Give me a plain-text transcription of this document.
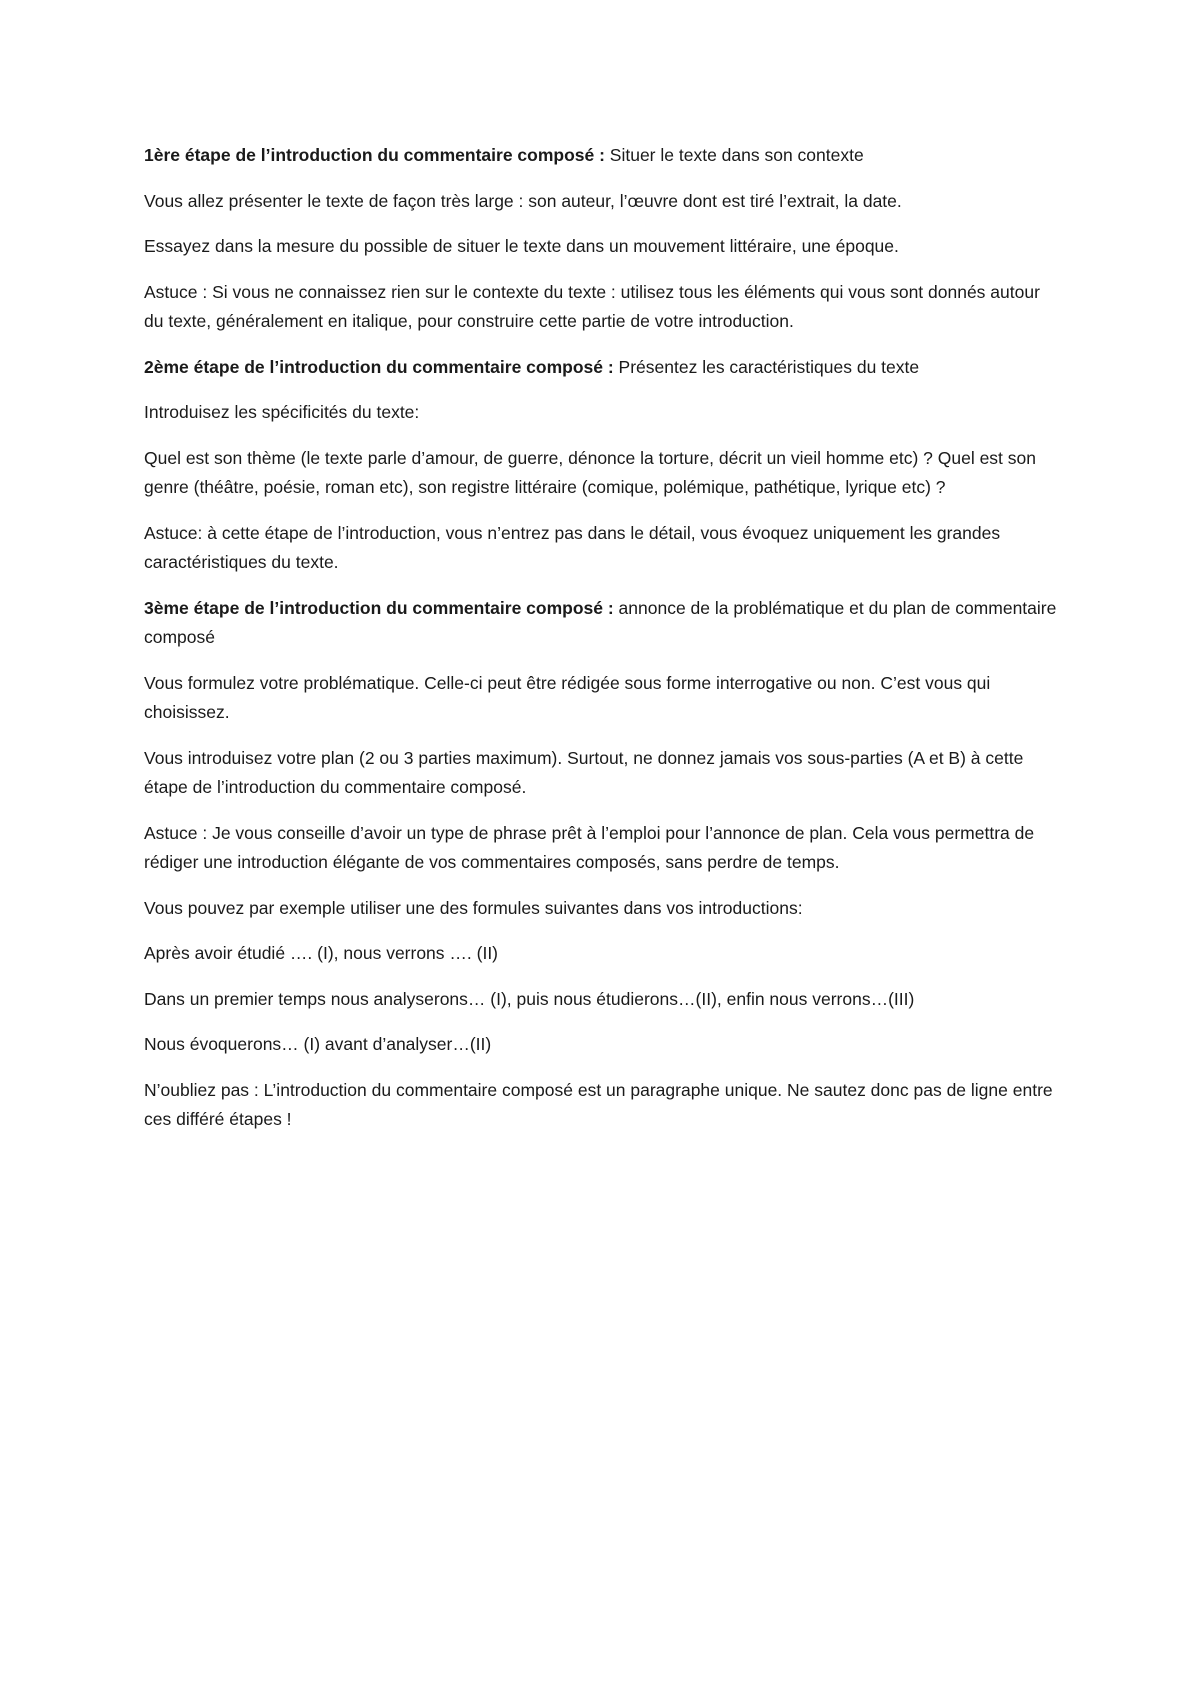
1ère étape de l’introduction du commentaire composé : Situer le texte dans son contexte

Vous allez présenter le texte de façon très large : son auteur, l’œuvre dont est tiré l’extrait, la date.

Essayez dans la mesure du possible de situer le texte dans un mouvement littéraire, une époque.

Astuce : Si vous ne connaissez rien sur le contexte du texte : utilisez tous les éléments qui vous sont donnés autour du texte, généralement en italique, pour construire cette partie de votre introduction.

2ème étape de l’introduction du commentaire composé : Présentez les caractéristiques du texte

Introduisez les spécificités du texte:

Quel est son thème (le texte parle d’amour, de guerre, dénonce la torture, décrit un vieil homme etc) ? Quel est son genre (théâtre, poésie, roman etc), son registre littéraire (comique, polémique, pathétique, lyrique etc) ?

Astuce: à cette étape de l’introduction, vous n’entrez pas dans le détail, vous évoquez uniquement les grandes caractéristiques du texte.

3ème étape de l’introduction du commentaire composé : annonce de la problématique et du plan de commentaire composé

Vous formulez votre problématique. Celle-ci peut être rédigée sous forme interrogative ou non. C’est vous qui choisissez.

Vous introduisez votre plan (2 ou 3 parties maximum). Surtout, ne donnez jamais vos sous-parties (A et B) à cette étape de l’introduction du commentaire composé.

Astuce : Je vous conseille d’avoir un type de phrase prêt à l’emploi pour l’annonce de plan. Cela vous permettra de rédiger une introduction élégante de vos commentaires composés, sans perdre de temps.

Vous pouvez par exemple utiliser une des formules suivantes dans vos introductions:

Après avoir étudié …. (I), nous verrons …. (II)

Dans un premier temps nous analyserons… (I), puis nous étudierons…(II), enfin nous verrons…(III)

Nous évoquerons… (I) avant d’analyser…(II)

N’oubliez pas : L’introduction du commentaire composé est un paragraphe unique. Ne sautez donc pas de ligne entre ces différé étapes !
